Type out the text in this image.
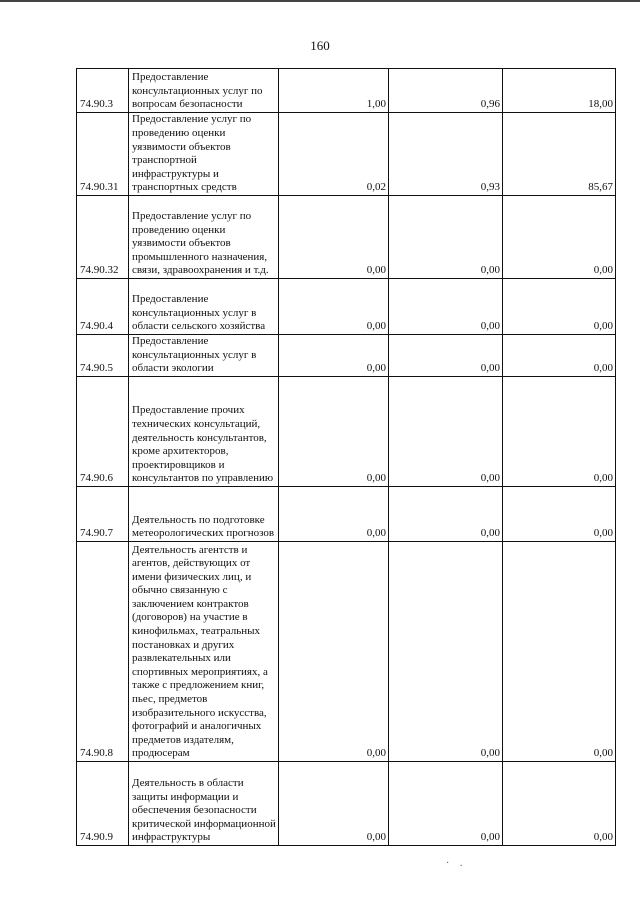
160
74.90.3	Предоставление консультационных услуг по вопросам безопасности	1,00	0,96	18,00
74.90.31	Предоставление услуг по проведению оценки уязвимости объектов транспортной инфраструктуры и транспортных средств	0,02	0,93	85,67
74.90.32	Предоставление услуг по проведению оценки уязвимости объектов промышленного назначения, связи, здравоохранения и т.д.	0,00	0,00	0,00
74.90.4	Предоставление консультационных услуг в области сельского хозяйства	0,00	0,00	0,00
74.90.5	Предоставление консультационных услуг в области экологии	0,00	0,00	0,00
74.90.6	Предоставление прочих технических консультаций, деятельность консультантов, кроме архитекторов, проектировщиков и консультантов по управлению	0,00	0,00	0,00
74.90.7	Деятельность по подготовке метеорологических прогнозов	0,00	0,00	0,00
74.90.8	Деятельность агентств и агентов, действующих от имени физических лиц, и обычно связанную с заключением контрактов (договоров) на участие в кинофильмах, театральных постановках и других развлекательных или спортивных мероприятиях, а также с предложением книг, пьес, предметов изобразительного искусства, фотографий и аналогичных предметов издателям, продюсерам	0,00	0,00	0,00
74.90.9	Деятельность в области защиты информации и обеспечения безопасности критической информационной инфраструктуры	0,00	0,00	0,00
· .
